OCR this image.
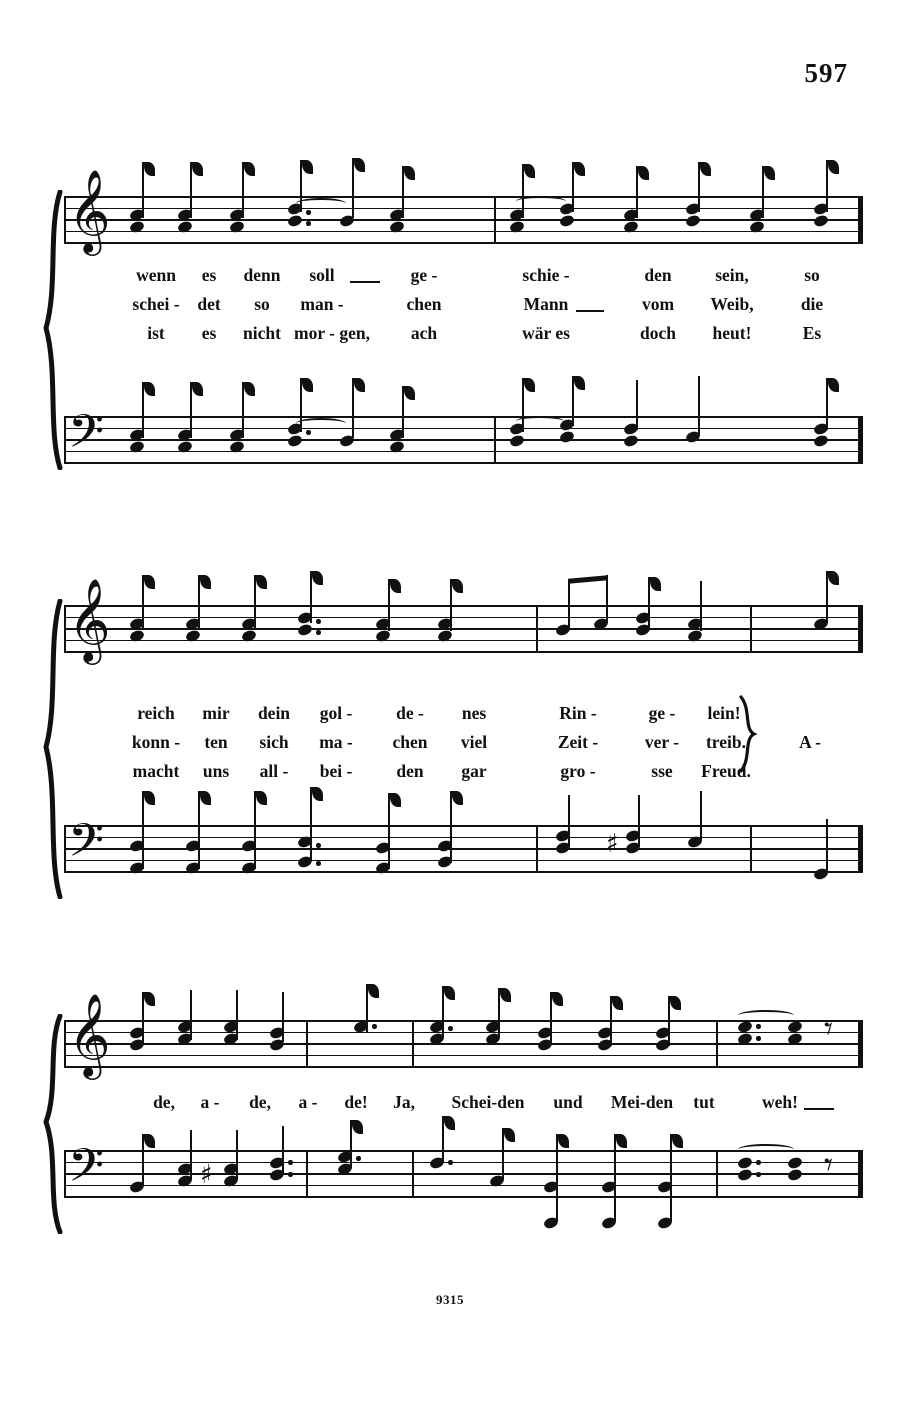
597
𝄞
wenn es denn soll	ge -	schie -	den sein,	so
schei - det so man -	chen	Mann	vom Weib,	die
ist es nicht mor - gen, ach	wär es	doch heut!	Es
𝄢
𝄞
reich mir dein gol -	de - nes	Rin -	ge - lein!
konn - ten sich ma - chen viel	Zeit -	ver - treib.
macht uns all - bei -	den gar	gro -	sse Freud.
A -
𝄢	♯
𝄞	𝄾
de, a - de, a - de! Ja, Schei-den und Mei-den tut	weh!
𝄢	♯	𝄾
9315
